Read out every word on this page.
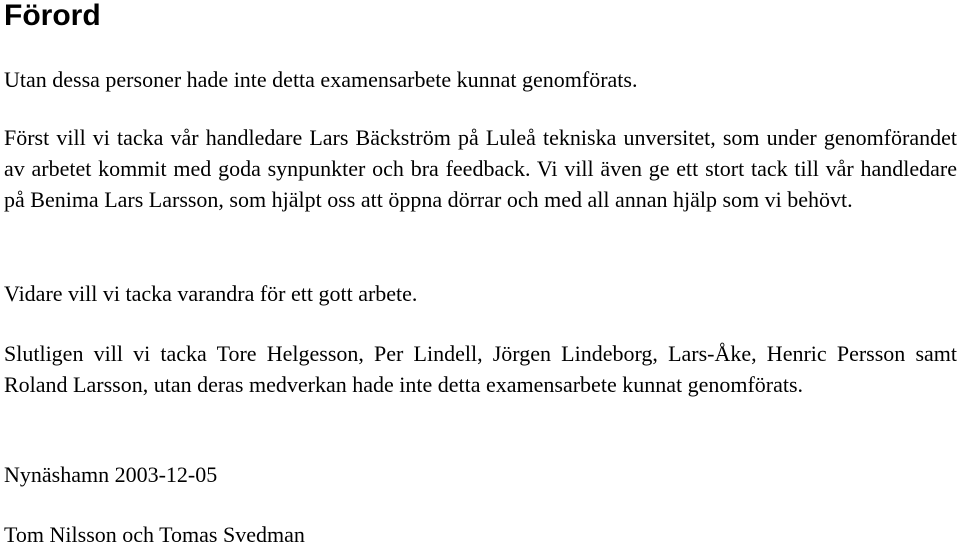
Förord

Utan dessa personer hade inte detta examensarbete kunnat genomförats.

Först vill vi tacka vår handledare Lars Bäckström på Luleå tekniska unversitet, som under genomförandet av arbetet kommit med goda synpunkter och bra feedback. Vi vill även ge ett stort tack till vår handledare på Benima Lars Larsson, som hjälpt oss att öppna dörrar och med all annan hjälp som vi behövt.

Vidare vill vi tacka varandra för ett gott arbete.

Slutligen vill vi tacka Tore Helgesson, Per Lindell, Jörgen Lindeborg, Lars-Åke, Henric Persson samt Roland Larsson, utan deras medverkan hade inte detta examensarbete kunnat genomförats.

Nynäshamn 2003-12-05

Tom Nilsson och Tomas Svedman
